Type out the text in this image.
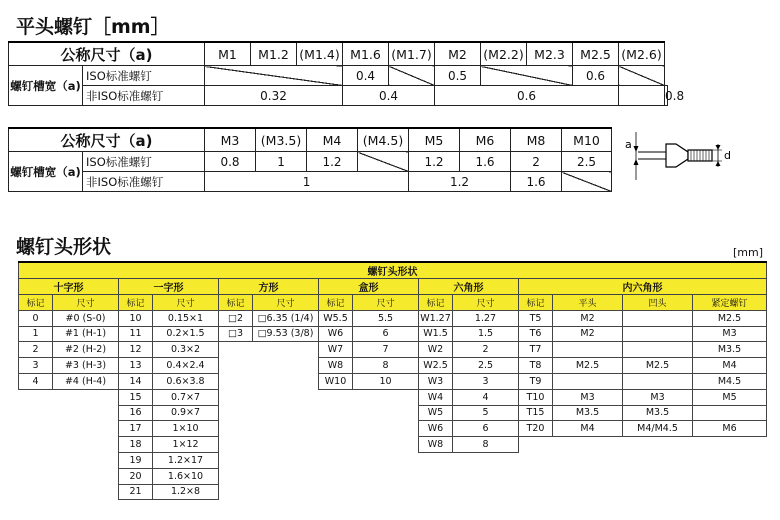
平头螺钉［mm］
公称尺寸（a)		M1	M1.2	(M1.4)	M1.6	(M1.7)	M2	(M2.2)	M2.3	M2.5	(M2.6)	
螺钉槽宽（a)	ISO标准螺钉				0.4		0.5			0.6		
	非ISO标准螺钉	0.32			0.4		0.6					0.8
公称尺寸（a)		M3	(M3.5)	M4	(M4.5)	M5	M6	M8	M10
螺钉槽宽（a)	ISO标准螺钉	0.8	1	1.2		1.2	1.6	2	2.5
	非ISO标准螺钉	1				1.2		1.6	
a
d
螺钉头形状	[mm]
螺钉头形状													
十字形		一字形		方形		盒形		六角形		内六角形			
标记	尺寸	标记	尺寸	标记	尺寸	标记	尺寸	标记	尺寸	标记	平头	凹头	紧定螺钉
0	#0 (S-0)	10	0.15×1	□2	□6.35 (1/4)	W5.5	5.5	W1.27	1.27	T5	M2		M2.5
1	#1 (H-1)	11	0.2×1.5	□3	□9.53 (3/8)	W6	6	W1.5	1.5	T6	M2		M3
2	#2 (H-2)	12	0.3×2			W7	7	W2	2	T7			M3.5
3	#3 (H-3)	13	0.4×2.4			W8	8	W2.5	2.5	T8	M2.5	M2.5	M4
4	#4 (H-4)	14	0.6×3.8			W10	10	W3	3	T9			M4.5
		15	0.7×7					W4	4	T10	M3	M3	M5
		16	0.9×7					W5	5	T15	M3.5	M3.5	
		17	1×10					W6	6	T20	M4	M4/M4.5	M6
		18	1×12					W8	8				
		19	1.2×17										
		20	1.6×10										
		21	1.2×8										
